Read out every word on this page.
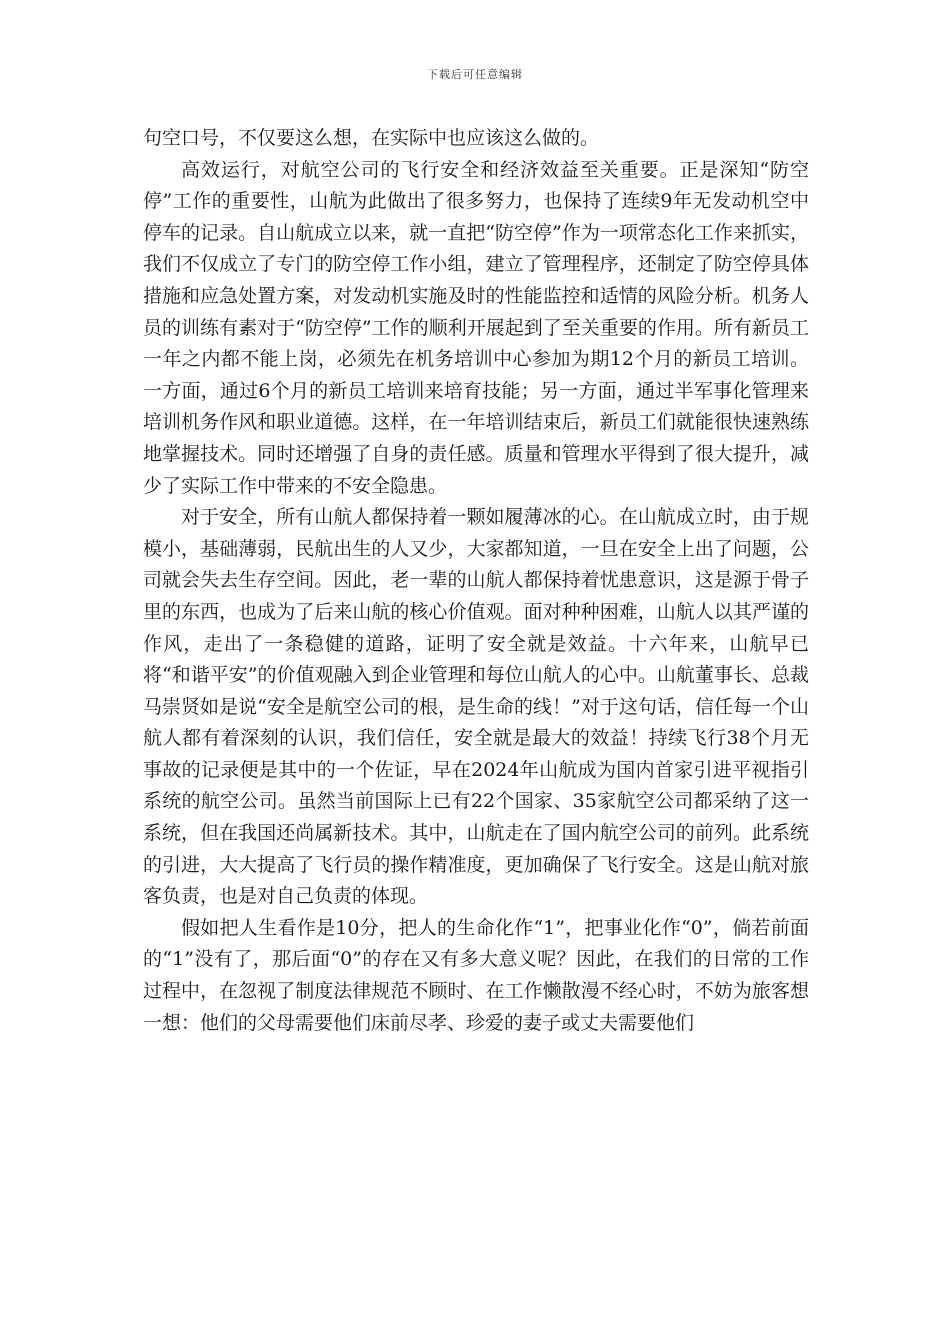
下载后可任意编辑

句空口号，不仅要这么想，在实际中也应该这么做的。

高效运行，对航空公司的飞行安全和经济效益至关重要。正是深知“防空停”工作的重要性，山航为此做出了很多努力，也保持了连续9年无发动机空中停车的记录。自山航成立以来，就一直把“防空停”作为一项常态化工作来抓实，我们不仅成立了专门的防空停工作小组，建立了管理程序，还制定了防空停具体措施和应急处置方案，对发动机实施及时的性能监控和适情的风险分析。机务人员的训练有素对于“防空停”工作的顺利开展起到了至关重要的作用。所有新员工一年之内都不能上岗，必须先在机务培训中心参加为期12个月的新员工培训。一方面，通过6个月的新员工培训来培育技能；另一方面，通过半军事化管理来培训机务作风和职业道德。这样，在一年培训结束后，新员工们就能很快速熟练地掌握技术。同时还增强了自身的责任感。质量和管理水平得到了很大提升，减少了实际工作中带来的不安全隐患。

对于安全，所有山航人都保持着一颗如履薄冰的心。在山航成立时，由于规模小，基础薄弱，民航出生的人又少，大家都知道，一旦在安全上出了问题，公司就会失去生存空间。因此，老一辈的山航人都保持着忧患意识，这是源于骨子里的东西，也成为了后来山航的核心价值观。面对种种困难，山航人以其严谨的作风，走出了一条稳健的道路，证明了安全就是效益。十六年来，山航早已将“和谐平安”的价值观融入到企业管理和每位山航人的心中。山航董事长、总裁马崇贤如是说“安全是航空公司的根，是生命的线！”对于这句话，信任每一个山航人都有着深刻的认识，我们信任，安全就是最大的效益！持续飞行38个月无事故的记录便是其中的一个佐证，早在2024年山航成为国内首家引进平视指引系统的航空公司。虽然当前国际上已有22个国家、35家航空公司都采纳了这一系统，但在我国还尚属新技术。其中，山航走在了国内航空公司的前列。此系统的引进，大大提高了飞行员的操作精准度，更加确保了飞行安全。这是山航对旅客负责，也是对自己负责的体现。

假如把人生看作是10分，把人的生命化作“1”，把事业化作“0”，倘若前面的“1”没有了，那后面“0”的存在又有多大意义呢？因此，在我们的日常的工作过程中，在忽视了制度法律规范不顾时、在工作懒散漫不经心时，不妨为旅客想一想：他们的父母需要他们床前尽孝、珍爱的妻子或丈夫需要他们
